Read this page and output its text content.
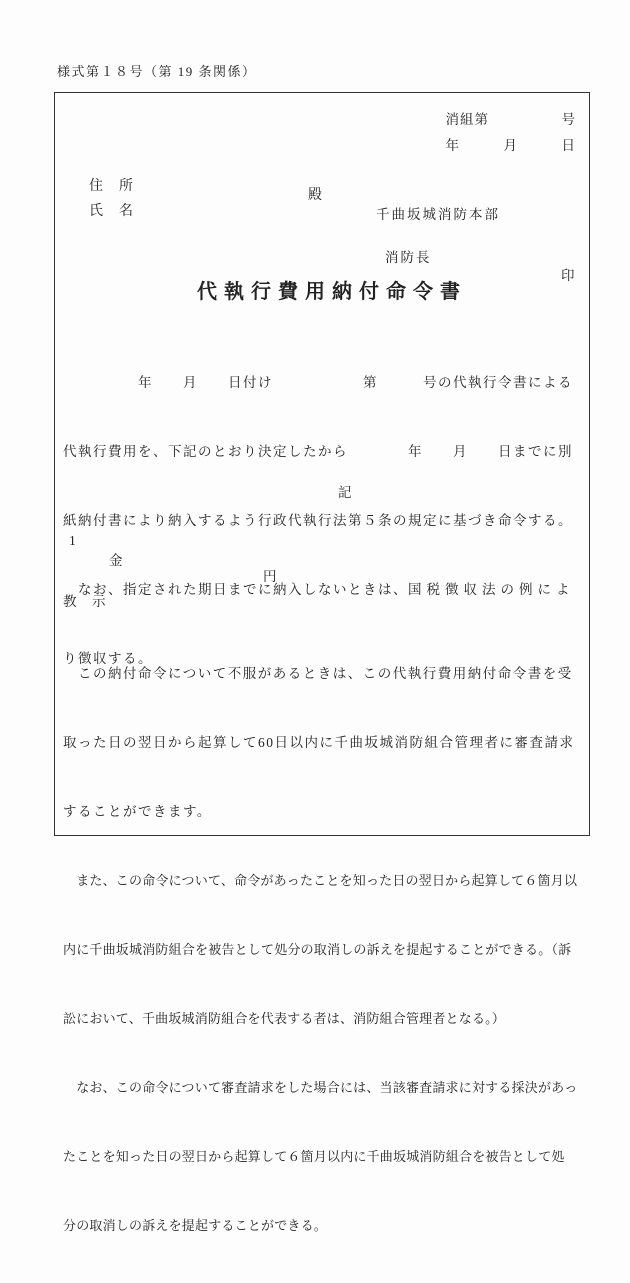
様式第１８号（第 19 条関係）
消組第　　　　　号
年　　　月　　　日

住　所

氏　名

殿

千曲坂城消防本部

消防長

印

代執行費用納付命令書

　　　　　年　　月　　日付け　　　　　　第　　　号の代執行令書による

代執行費用を、下記のとおり決定したから　　　　年　　月　　日までに別

紙納付書により納入するよう行政代執行法第５条の規定に基づき命令する。

　なお、指定された期日までに納入しないときは、国税徴収法の例によ

り徴収する。

記

1

金

円

教　示

　この納付命令について不服があるときは、この代執行費用納付命令書を受

取った日の翌日から起算して60日以内に千曲坂城消防組合管理者に審査請求

することができます。

　また、この命令について、命令があったことを知った日の翌日から起算して６箇月以

内に千曲坂城消防組合を被告として処分の取消しの訴えを提起することができる。（訴

訟において、千曲坂城消防組合を代表する者は、消防組合管理者となる。）

　なお、この命令について審査請求をした場合には、当該審査請求に対する採決があっ

たことを知った日の翌日から起算して６箇月以内に千曲坂城消防組合を被告として処

分の取消しの訴えを提起することができる。
